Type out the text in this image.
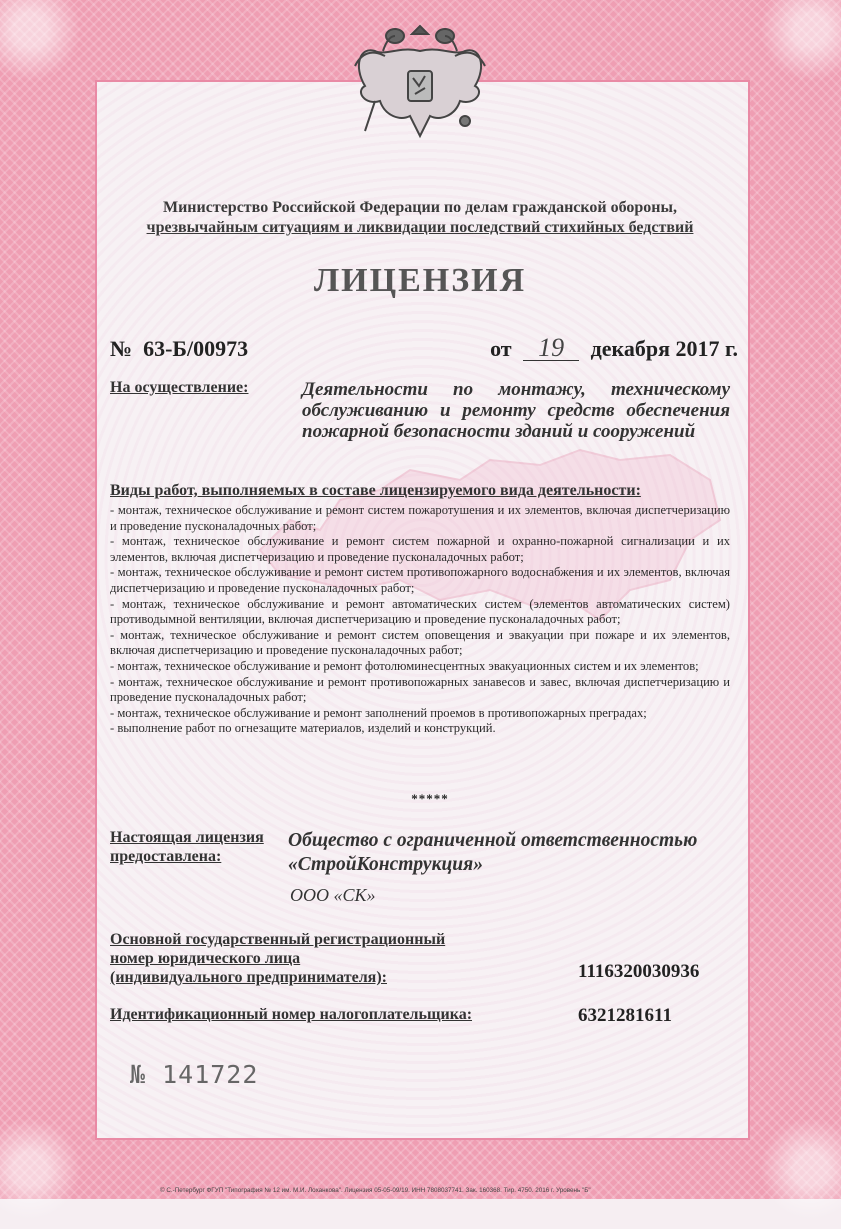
Министерство Российской Федерации по делам гражданской обороны,
чрезвычайным ситуациям и ликвидации последствий стихийных бедствий
ЛИЦЕНЗИЯ
№ 63-Б/00973	от 19 декабря 2017 г.
На осуществление:	Деятельности по монтажу, техническому обслуживанию и ремонту средств обеспечения пожарной безопасности зданий и сооружений
Виды работ, выполняемых в составе лицензируемого вида деятельности:
- монтаж, техническое обслуживание и ремонт систем пожаротушения и их элементов, включая диспетчеризацию и проведение пусконаладочных работ;
- монтаж, техническое обслуживание и ремонт систем пожарной и охранно-пожарной сигнализации и их элементов, включая диспетчеризацию и проведение пусконаладочных работ;
- монтаж, техническое обслуживание и ремонт систем противопожарного водоснабжения и их элементов, включая диспетчеризацию и проведение пусконаладочных работ;
- монтаж, техническое обслуживание и ремонт автоматических систем (элементов автоматических систем) противодымной вентиляции, включая диспетчеризацию и проведение пусконаладочных работ;
- монтаж, техническое обслуживание и ремонт систем оповещения и эвакуации при пожаре и их элементов, включая диспетчеризацию и проведение пусконаладочных работ;
- монтаж, техническое обслуживание и ремонт фотолюминесцентных эвакуационных систем и их элементов;
- монтаж, техническое обслуживание и ремонт противопожарных занавесов и завес, включая диспетчеризацию и проведение пусконаладочных работ;
- монтаж, техническое обслуживание и ремонт заполнений проемов в противопожарных преградах;
- выполнение работ по огнезащите материалов, изделий и конструкций.
*****
Настоящая лицензия
предоставлена:
Общество с ограниченной ответственностью «СтройКонструкция»
ООО «СК»
Основной государственный регистрационный
номер юридического лица
(индивидуального предпринимателя):	1116320030936
Идентификационный номер налогоплательщика:	6321281611
№ 141722
© С.-Петербург ФГУП "Типография № 12 им. М.И. Лоханкова". Лицензия 05-05-09/19. ИНН 7808037741. Зак. 160368. Тир. 4750. 2016 г. Уровень "Б"
